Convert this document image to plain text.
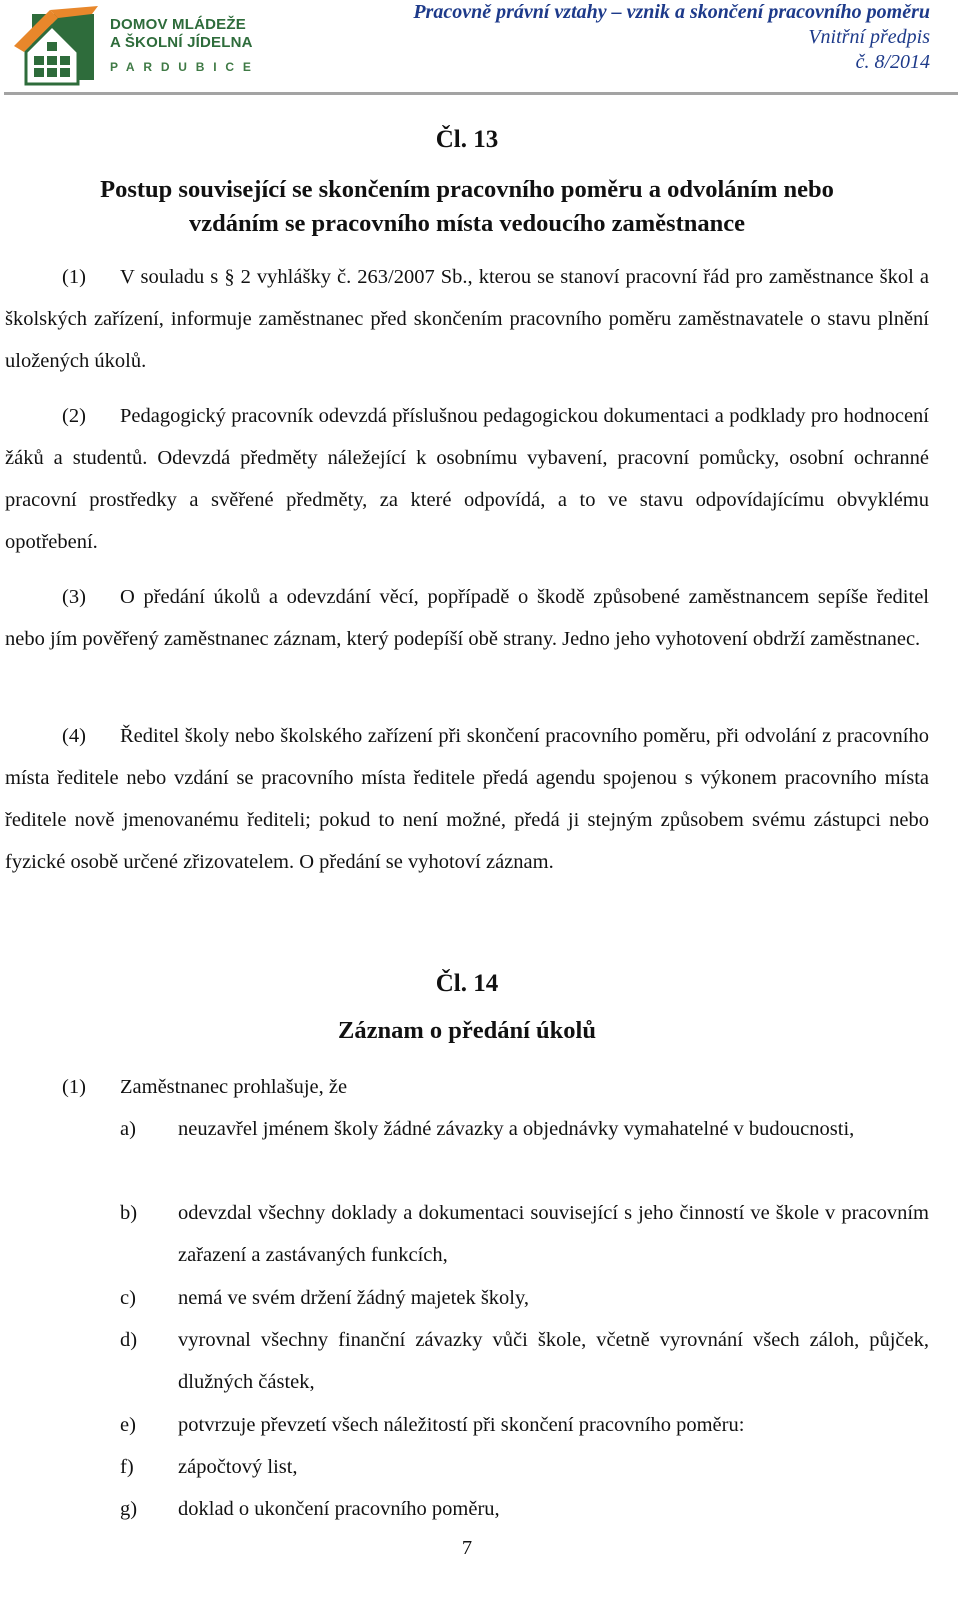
DOMOV MLÁDEŽE
A ŠKOLNÍ JÍDELNA
PARDUBICE
Pracovně právní vztahy – vznik a skončení pracovního poměru
Vnitřní předpis
č. 8/2014
Čl. 13
Postup související se skončením pracovního poměru a odvoláním nebo
vzdáním se pracovního místa vedoucího zaměstnance
(1) V souladu s § 2 vyhlášky č. 263/2007 Sb., kterou se stanoví pracovní řád pro zaměstnance škol a školských zařízení, informuje zaměstnanec před skončením pracovního poměru zaměstnavatele o stavu plnění uložených úkolů.
(2) Pedagogický pracovník odevzdá příslušnou pedagogickou dokumentaci a podklady pro hodnocení žáků a studentů. Odevzdá předměty náležející k osobnímu vybavení, pracovní pomůcky, osobní ochranné pracovní prostředky a svěřené předměty, za které odpovídá, a to ve stavu odpovídajícímu obvyklému opotřebení.
(3) O předání úkolů a odevzdání věcí, popřípadě o škodě způsobené zaměstnancem sepíše ředitel nebo jím pověřený zaměstnanec záznam, který podepíší obě strany. Jedno jeho vyhotovení obdrží zaměstnanec.
(4) Ředitel školy nebo školského zařízení při skončení pracovního poměru, při odvolání z pracovního místa ředitele nebo vzdání se pracovního místa ředitele předá agendu spojenou s výkonem pracovního místa ředitele nově jmenovanému řediteli; pokud to není možné, předá ji stejným způsobem svému zástupci nebo fyzické osobě určené zřizovatelem. O předání se vyhotoví záznam.
Čl. 14
Záznam o předání úkolů
(1) Zaměstnanec prohlašuje, že
a)	neuzavřel jménem školy žádné závazky a objednávky vymahatelné v budoucnosti,
b)	odevzdal všechny doklady a dokumentaci související s jeho činností ve škole v pracovním zařazení a zastávaných funkcích,
c)	nemá ve svém držení žádný majetek školy,
d)	vyrovnal všechny finanční závazky vůči škole, včetně vyrovnání všech záloh, půjček, dlužných částek,
e)	potvrzuje převzetí všech náležitostí při skončení pracovního poměru:
f)	zápočtový list,
g)	doklad o ukončení pracovního poměru,
7
